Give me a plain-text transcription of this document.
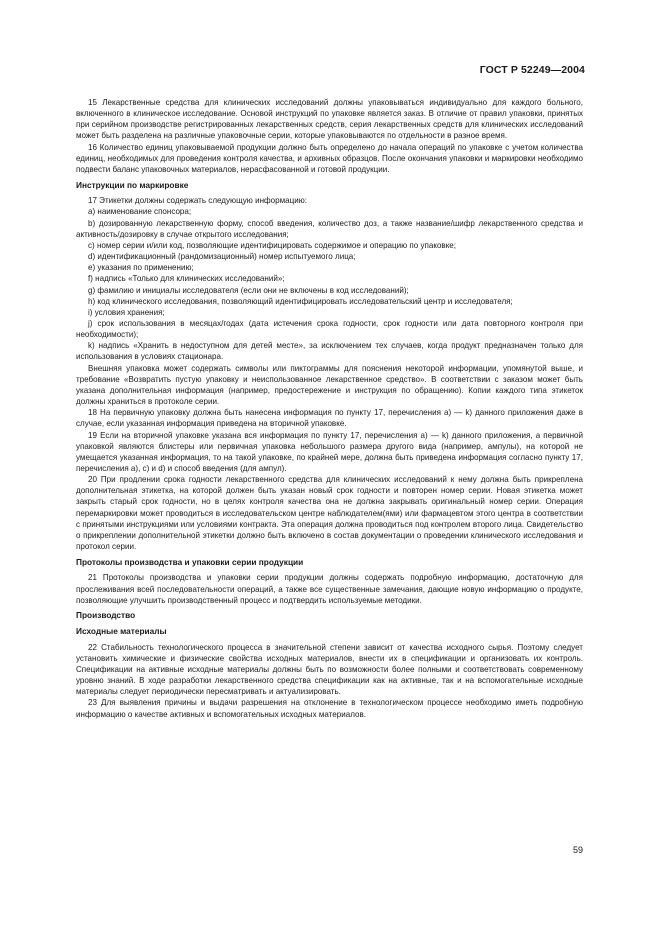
ГОСТ Р 52249—2004

15 Лекарственные средства для клинических исследований должны упаковываться индивидуально для каждого больного, включенного в клиническое исследование. Основой инструкций по упаковке является заказ. В отличие от правил упаковки, принятых при серийном производстве регистрированных лекарственных средств, серия лекарственных средств для клинических исследований может быть разделена на различные упаковочные серии, которые упаковываются по отдельности в разное время.

16 Количество единиц упаковываемой продукции должно быть определено до начала операций по упаковке с учетом количества единиц, необходимых для проведения контроля качества, и архивных образцов. После окончания упаковки и маркировки необходимо подвести баланс упаковочных материалов, нерасфасованной и готовой продукции.

Инструкции по маркировке

17 Этикетки должны содержать следующую информацию:

a) наименование спонсора;

b) дозированную лекарственную форму, способ введения, количество доз, а также название/шифр лекарственного средства и активность/дозировку в случае открытого исследования;

c) номер серии и/или код, позволяющие идентифицировать содержимое и операцию по упаковке;

d) идентификационный (рандомизационный) номер испытуемого лица;

e) указания по применению;

f) надпись «Только для клинических исследований»;

g) фамилию и инициалы исследователя (если они не включены в код исследований);

h) код клинического исследования, позволяющий идентифицировать исследовательский центр и исследователя;

i) условия хранения;

j) срок использования в месяцах/годах (дата истечения срока годности, срок годности или дата повторного контроля при необходимости);

k) надпись «Хранить в недоступном для детей месте», за исключением тех случаев, когда продукт предназначен только для использования в условиях стационара.

Внешняя упаковка может содержать символы или пиктограммы для пояснения некоторой информации, упомянутой выше, и требование «Возвратить пустую упаковку и неиспользованное лекарственное средство». В соответствии с заказом может быть указана дополнительная информация (например, предостережение и инструкция по обращению). Копии каждого типа этикеток должны храниться в протоколе серии.

18 На первичную упаковку должна быть нанесена информация по пункту 17, перечисления а) — k) данного приложения даже в случае, если указанная информация приведена на вторичной упаковке.

19 Если на вторичной упаковке указана вся информация по пункту 17, перечисления а) — k) данного приложения, а первичной упаковкой являются блистеры или первичная упаковка небольшого размера другого вида (например, ампулы), на которой не умещается указанная информация, то на такой упаковке, по крайней мере, должна быть приведена информация согласно пункту 17, перечисления а), с) и d) и способ введения (для ампул).

20 При продлении срока годности лекарственного средства для клинических исследований к нему должна быть прикреплена дополнительная этикетка, на которой должен быть указан новый срок годности и повторен номер серии. Новая этикетка может закрыть старый срок годности, но в целях контроля качества она не должна закрывать оригинальный номер серии. Операция перемаркировки может проводиться в исследовательском центре наблюдателем(ями) или фармацевтом этого центра в соответствии с принятыми инструкциями или условиями контракта. Эта операция должна проводиться под контролем второго лица. Свидетельство о прикреплении дополнительной этикетки должно быть включено в состав документации о проведении клинического исследования и протокол серии.

Протоколы производства и упаковки серии продукции

21 Протоколы производства и упаковки серии продукции должны содержать подробную информацию, достаточную для прослеживания всей последовательности операций, а также все существенные замечания, дающие новую информацию о продукте, позволяющие улучшить производственный процесс и подтвердить используемые методики.

Производство
Исходные материалы

22 Стабильность технологического процесса в значительной степени зависит от качества исходного сырья. Поэтому следует установить химические и физические свойства исходных материалов, внести их в спецификации и организовать их контроль. Спецификации на активные исходные материалы должны быть по возможности более полными и соответствовать современному уровню знаний. В ходе разработки лекарственного средства спецификации как на активные, так и на вспомогательные исходные материалы следует периодически пересматривать и актуализировать.

23 Для выявления причины и выдачи разрешения на отклонение в технологическом процессе необходимо иметь подробную информацию о качестве активных и вспомогательных исходных материалов.

59
